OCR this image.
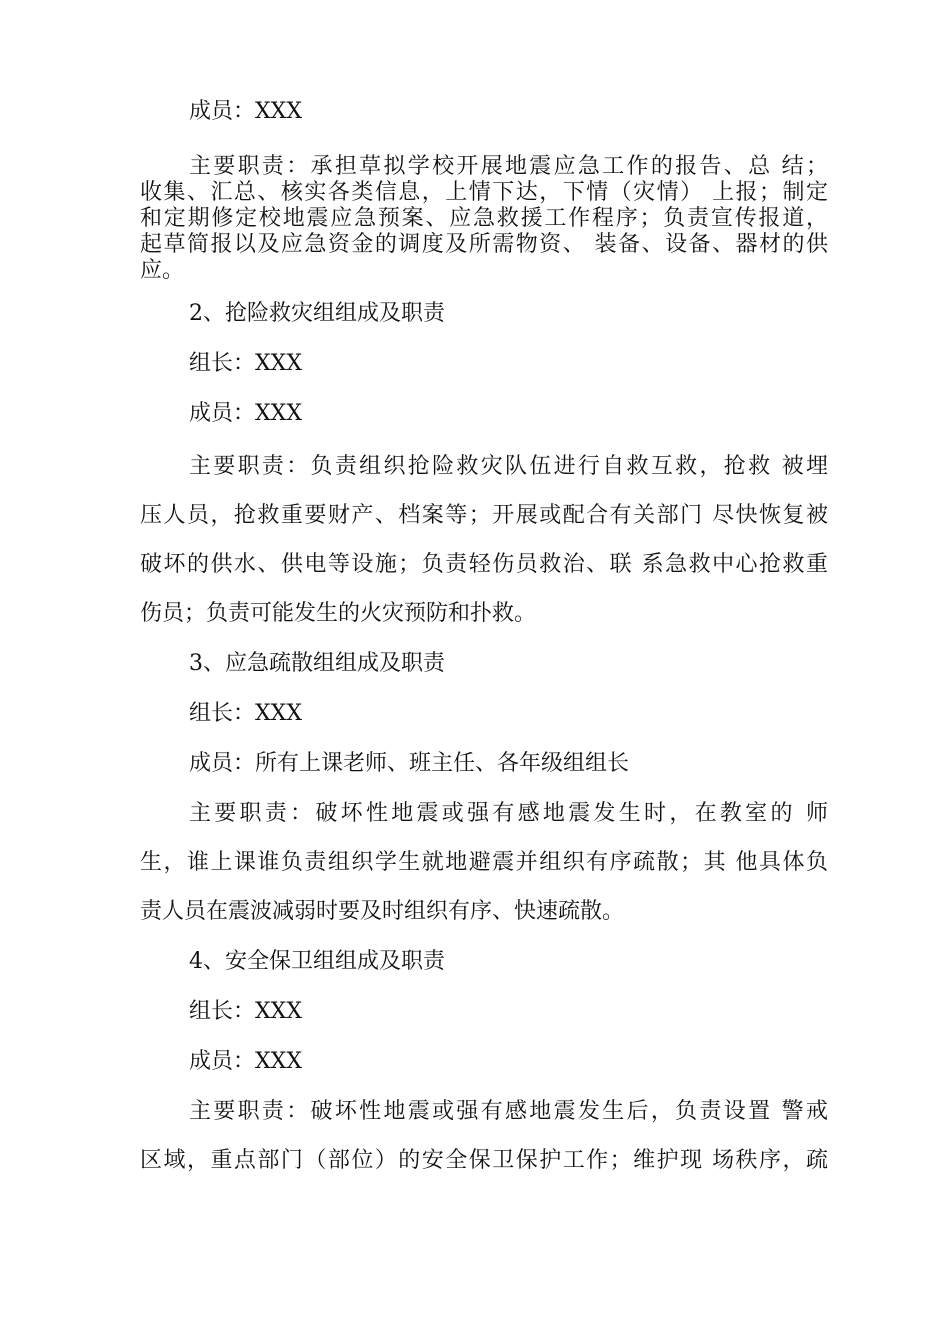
成员：XXX
主要职责：承担草拟学校开展地震应急工作的报告、总 结；
收集、汇总、核实各类信息，上情下达，下情（灾情） 上报；制定
和定期修定校地震应急预案、应急救援工作程序；负责宣传报道，
起草简报以及应急资金的调度及所需物资、 装备、设备、器材的供
应。
2、抢险救灾组组成及职责
组长：XXX
成员：XXX
主要职责：负责组织抢险救灾队伍进行自救互救，抢救 被埋
压人员，抢救重要财产、档案等；开展或配合有关部门 尽快恢复被
破坏的供水、供电等设施；负责轻伤员救治、联 系急救中心抢救重
伤员；负责可能发生的火灾预防和扑救。
3、应急疏散组组成及职责
组长：XXX
成员：所有上课老师、班主任、各年级组组长
主要职责：破坏性地震或强有感地震发生时，在教室的 师
生，谁上课谁负责组织学生就地避震并组织有序疏散；其 他具体负
责人员在震波减弱时要及时组织有序、快速疏散。
4、安全保卫组组成及职责
组长：XXX
成员：XXX
主要职责：破坏性地震或强有感地震发生后，负责设置 警戒
区域，重点部门（部位）的安全保卫保护工作；维护现 场秩序，疏
